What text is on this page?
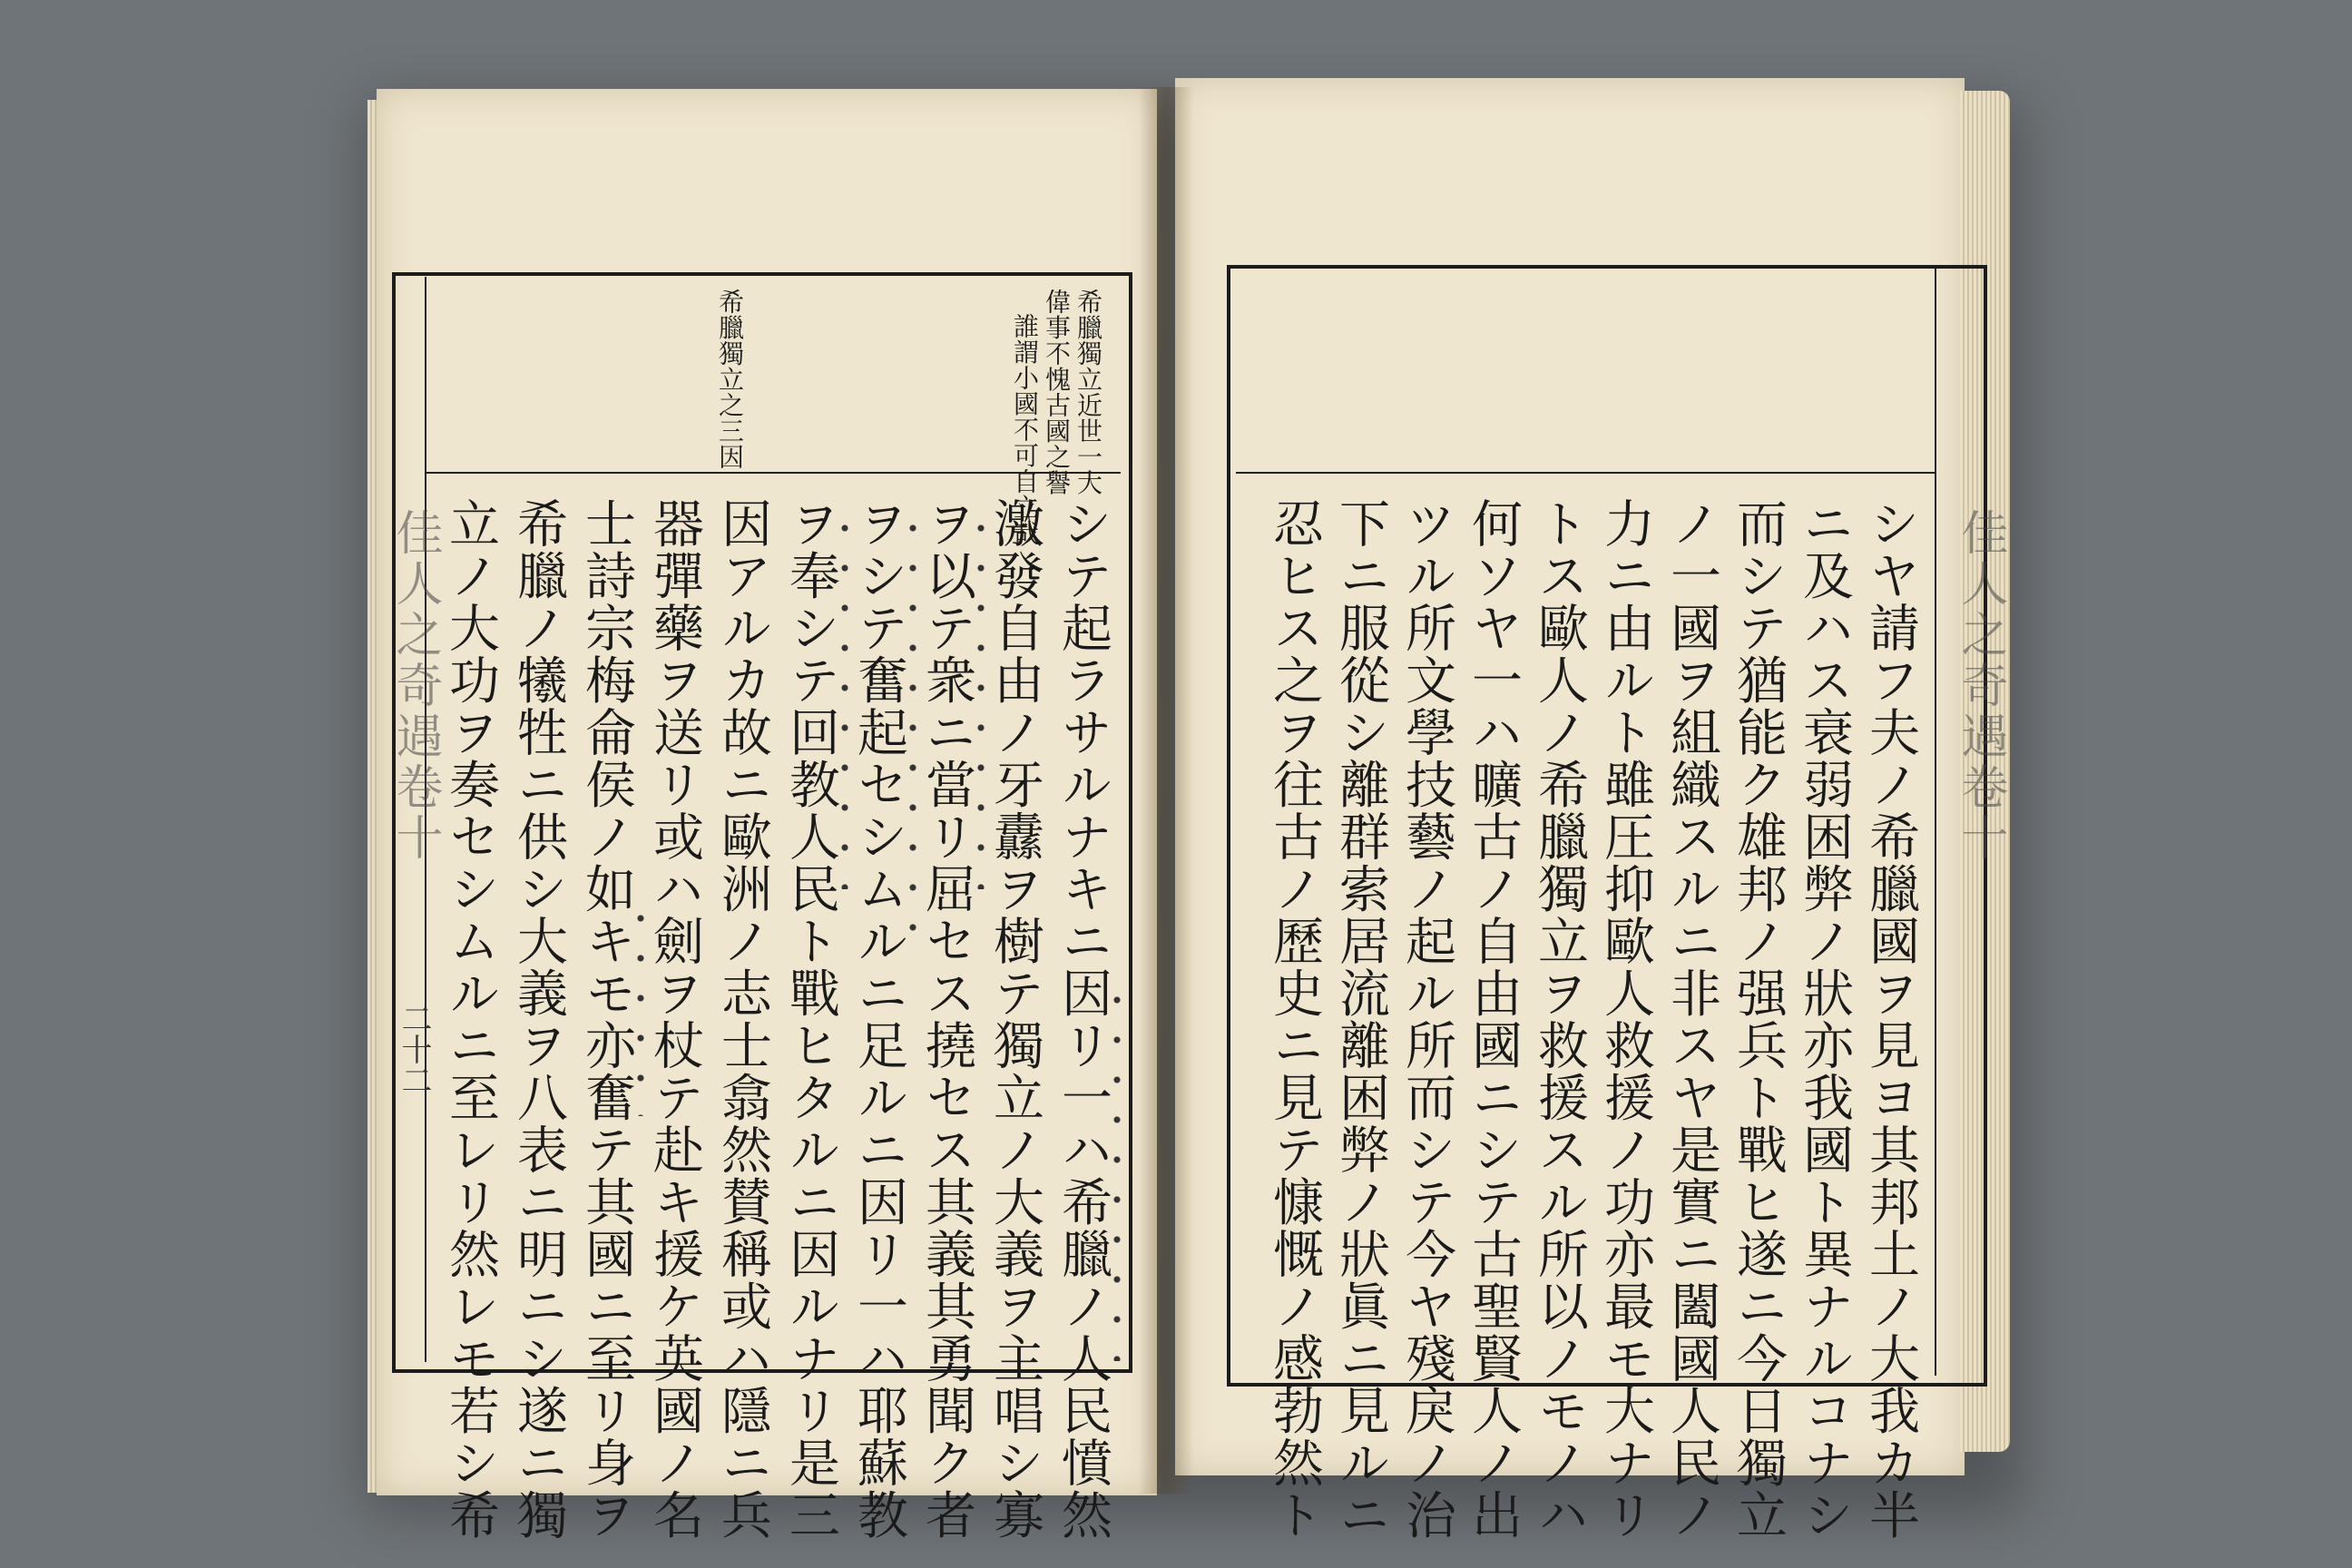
希臘獨立近世一大
偉事不愧古國之譽
誰謂小國不可自立哉
希臘獨立之三因
シテ起ラサルナキニ因リ一ハ希臘ノ人民憤然
激發自由ノ牙纛ヲ樹テ獨立ノ大義ヲ主唱シ寡
ヲ以テ衆ニ當リ屈セス撓セス其義其勇聞ク者
ヲシテ奮起セシムルニ足ルニ因リ一ハ耶蘇教
ヲ奉シテ回教人民ト戰ヒタルニ因ルナリ是三
因アルカ故ニ歐洲ノ志士翕然賛稱或ハ隱ニ兵
器彈藥ヲ送リ或ハ劍ヲ杖テ赴キ援ケ英國ノ名
士詩宗梅侖侯ノ如キモ亦奮テ其國ニ至リ身ヲ
希臘ノ犧牲ニ供シ大義ヲ八表ニ明ニシ遂ニ獨
立ノ大功ヲ奏セシムルニ至レリ然レモ若シ希
佳人之奇遇卷十
二十二	シヤ請フ夫ノ希臘國ヲ見ヨ其邦土ノ大我カ半
ニ及ハス衰弱困弊ノ狀亦我國ト異ナルコナシ
而シテ猶能ク雄邦ノ强兵ト戰ヒ遂ニ今日獨立
ノ一國ヲ組織スルニ非スヤ是實ニ闔國人民ノ
力ニ由ルト雖圧抑歐人救援ノ功亦最モ大ナリ
トス歐人ノ希臘獨立ヲ救援スル所以ノモノハ
何ソヤ一ハ曠古ノ自由國ニシテ古聖賢人ノ出
ツル所文學技藝ノ起ル所而シテ今ヤ殘戾ノ治
下ニ服從シ離群索居流離困弊ノ狀眞ニ見ルニ
忍ヒス之ヲ往古ノ歷史ニ見テ慷慨ノ感勃然ト	佳人之奇遇卷十
